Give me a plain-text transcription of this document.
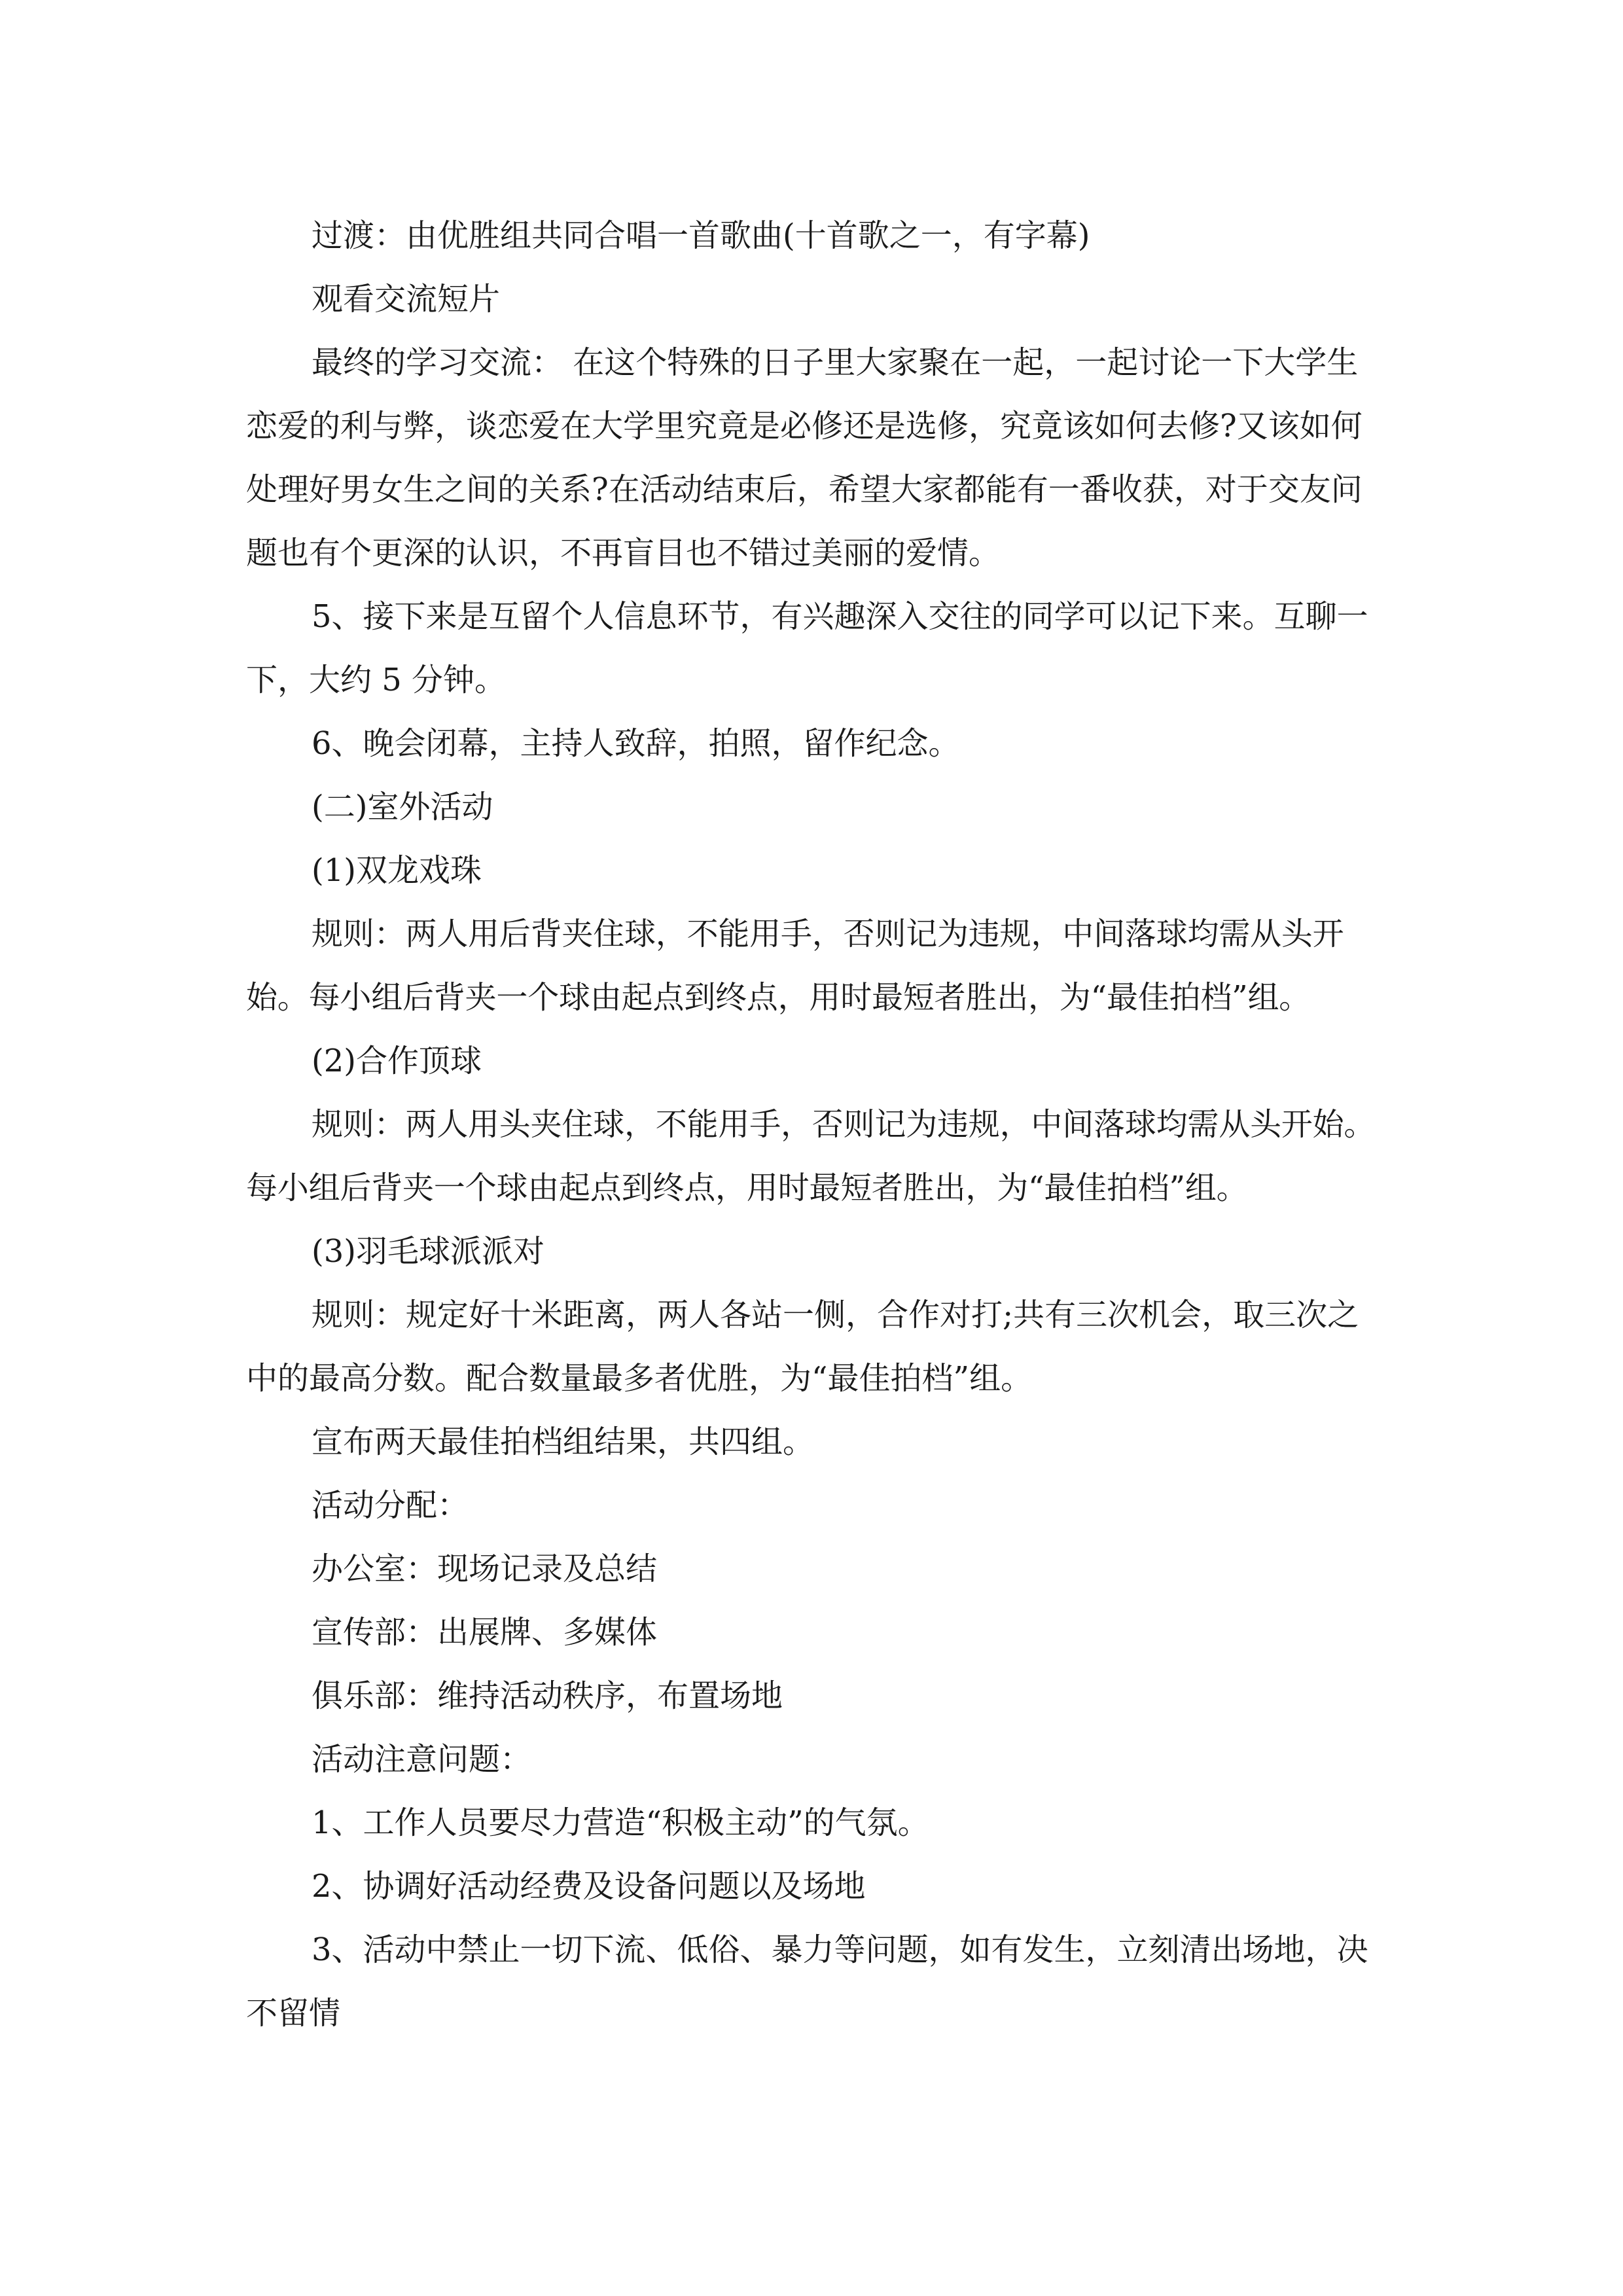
过渡：由优胜组共同合唱一首歌曲(十首歌之一，有字幕)

观看交流短片

最终的学习交流： 在这个特殊的日子里大家聚在一起，一起讨论一下大学生恋爱的利与弊，谈恋爱在大学里究竟是必修还是选修，究竟该如何去修?又该如何处理好男女生之间的关系?在活动结束后，希望大家都能有一番收获，对于交友问题也有个更深的认识，不再盲目也不错过美丽的爱情。

5、接下来是互留个人信息环节，有兴趣深入交往的同学可以记下来。互聊一下，大约 5 分钟。

6、晚会闭幕，主持人致辞，拍照，留作纪念。

(二)室外活动

(1)双龙戏珠

规则：两人用后背夹住球，不能用手，否则记为违规，中间落球均需从头开始。每小组后背夹一个球由起点到终点，用时最短者胜出，为“最佳拍档”组。

(2)合作顶球

规则：两人用头夹住球，不能用手，否则记为违规，中间落球均需从头开始。每小组后背夹一个球由起点到终点，用时最短者胜出，为“最佳拍档”组。

(3)羽毛球派派对

规则：规定好十米距离，两人各站一侧，合作对打;共有三次机会，取三次之中的最高分数。配合数量最多者优胜，为“最佳拍档”组。

宣布两天最佳拍档组结果，共四组。

活动分配：

办公室：现场记录及总结

宣传部：出展牌、多媒体

俱乐部：维持活动秩序，布置场地

活动注意问题：

1、工作人员要尽力营造“积极主动”的气氛。

2、协调好活动经费及设备问题以及场地

3、活动中禁止一切下流、低俗、暴力等问题，如有发生，立刻清出场地，决不留情
